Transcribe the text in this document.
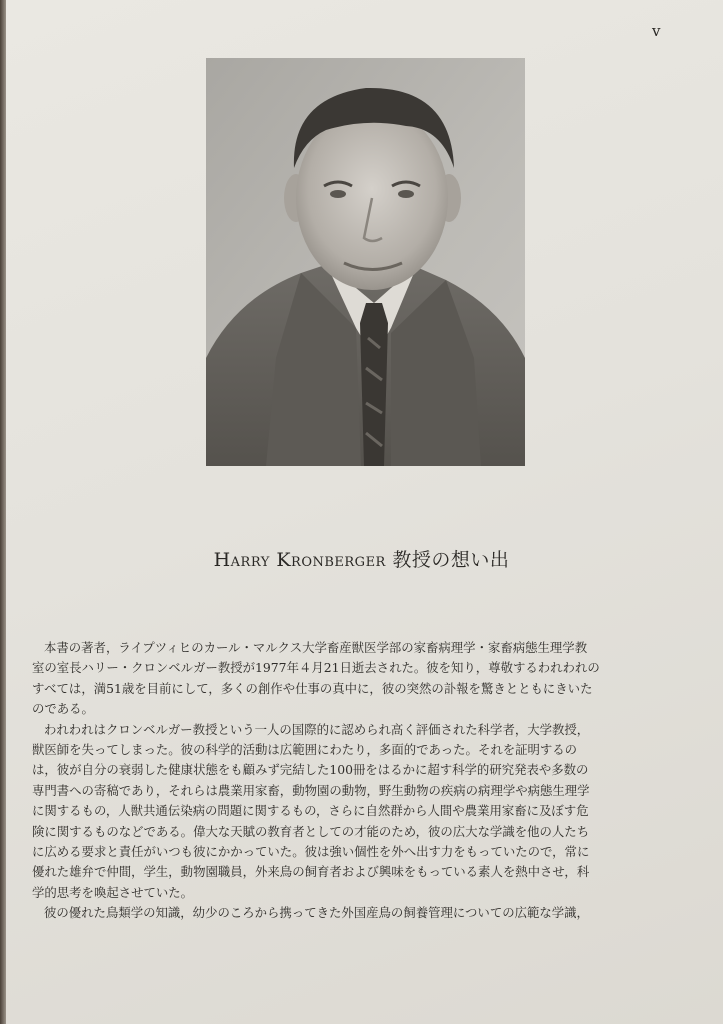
v
Harry Kronberger 教授の想い出
本書の著者，ライプツィヒのカール・マルクス大学畜産獣医学部の家畜病理学・家畜病態生理学教
室の室長ハリー・クロンベルガー教授が1977年４月21日逝去された。彼を知り，尊敬するわれわれの
すべては，満51歳を目前にして，多くの創作や仕事の真中に，彼の突然の訃報を驚きとともにきいた
のである。
われわれはクロンベルガー教授という一人の国際的に認められ高く評価された科学者，大学教授，
獣医師を失ってしまった。彼の科学的活動は広範囲にわたり，多面的であった。それを証明するの
は，彼が自分の衰弱した健康状態をも顧みず完結した100冊をはるかに超す科学的研究発表や多数の
専門書への寄稿であり，それらは農業用家畜，動物園の動物，野生動物の疾病の病理学や病態生理学
に関するもの，人獣共通伝染病の問題に関するもの，さらに自然群から人間や農業用家畜に及ぼす危
険に関するものなどである。偉大な天賦の教育者としての才能のため，彼の広大な学識を他の人たち
に広める要求と責任がいつも彼にかかっていた。彼は強い個性を外へ出す力をもっていたので，常に
優れた雄弁で仲間，学生，動物園職員，外来鳥の飼育者および興味をもっている素人を熱中させ，科
学的思考を喚起させていた。
彼の優れた鳥類学の知識，幼少のころから携ってきた外国産鳥の飼養管理についての広範な学識，
